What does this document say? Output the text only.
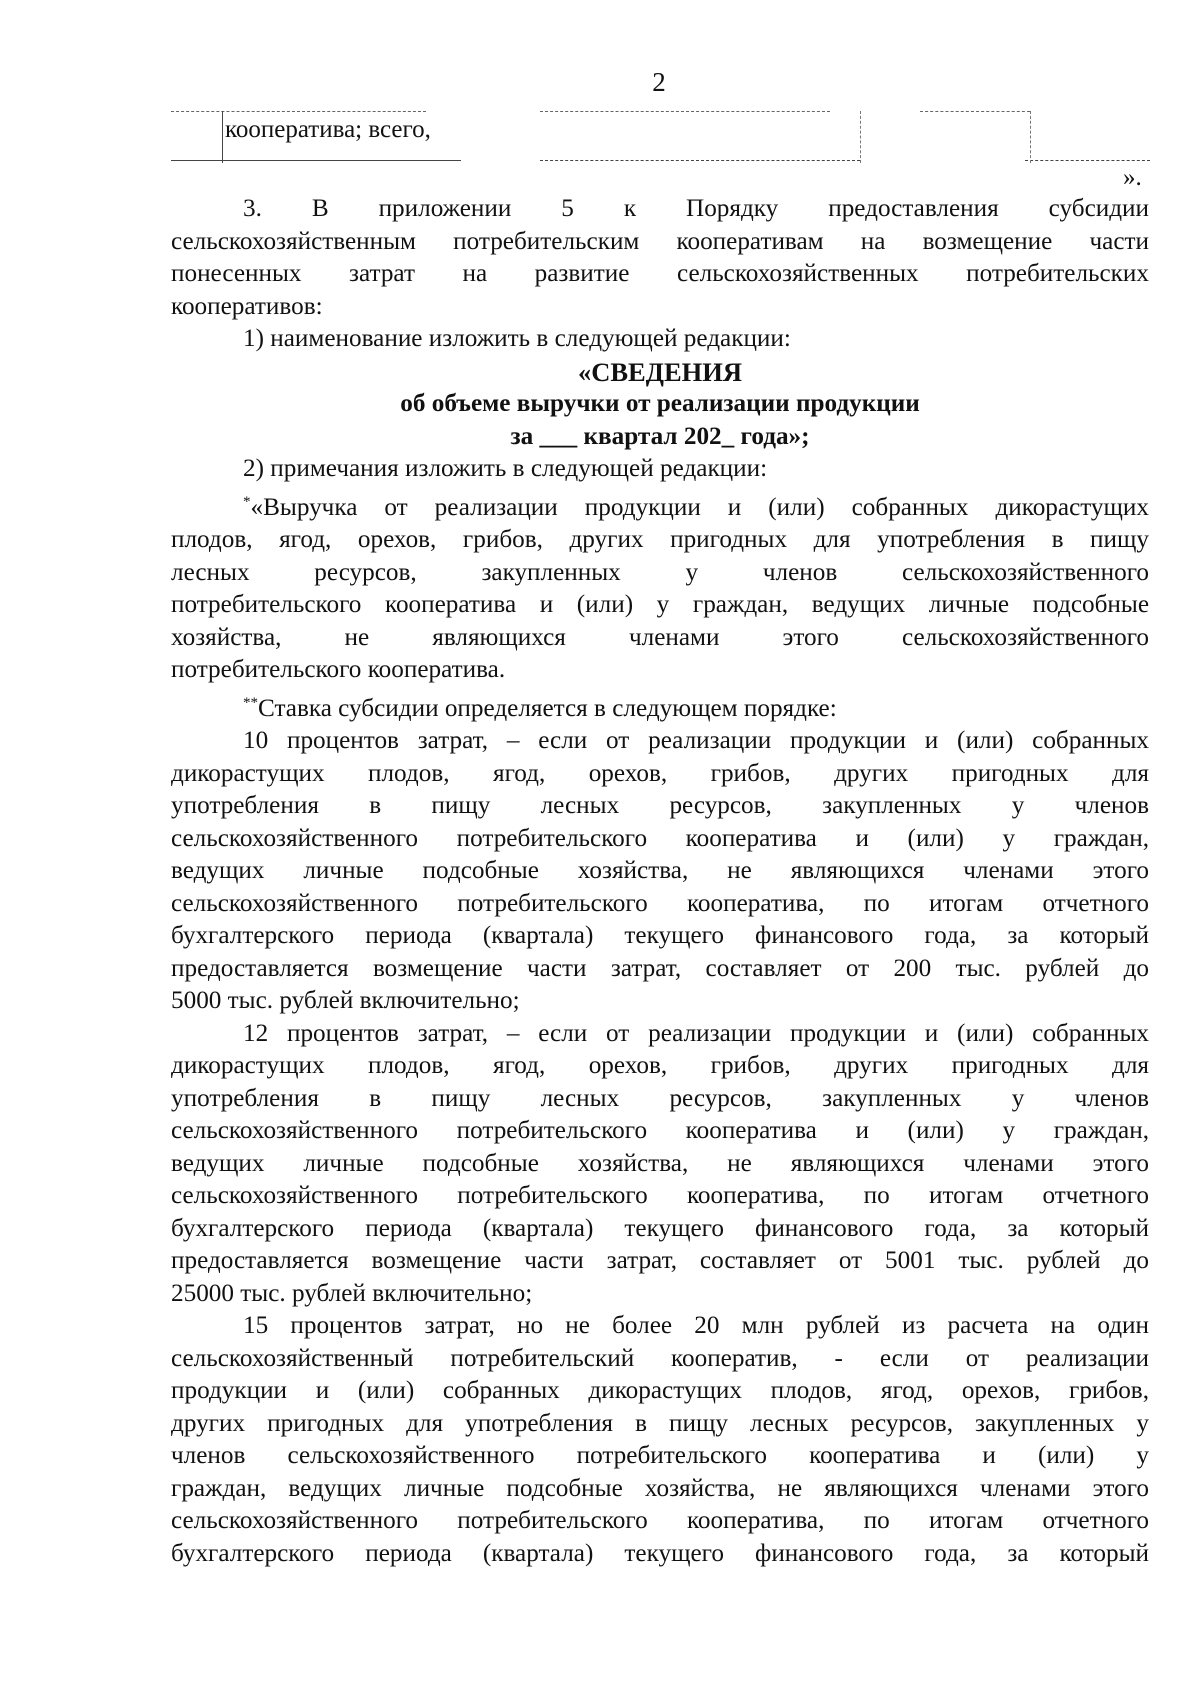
2
кооператива; всего,
».

3. В приложении 5 к Порядку предоставления субсидии

сельскохозяйственным потребительским кооперативам на возмещение части

понесенных затрат на развитие сельскохозяйственных потребительских

кооперативов:

1) наименование изложить в следующей редакции:

«СВЕДЕНИЯ

об объеме выручки от реализации продукции

за ___ квартал 202_ года»;

2) примечания изложить в следующей редакции:

*«Выручка от реализации продукции и (или) собранных дикорастущих

плодов, ягод, орехов, грибов, других пригодных для употребления в пищу

лесных ресурсов, закупленных у членов сельскохозяйственного

потребительского кооператива и (или) у граждан, ведущих личные подсобные

хозяйства, не являющихся членами этого сельскохозяйственного

потребительского кооператива.

**Ставка субсидии определяется в следующем порядке:

10 процентов затрат, – если от реализации продукции и (или) собранных

дикорастущих плодов, ягод, орехов, грибов, других пригодных для

употребления в пищу лесных ресурсов, закупленных у членов

сельскохозяйственного потребительского кооператива и (или) у граждан,

ведущих личные подсобные хозяйства, не являющихся членами этого

сельскохозяйственного потребительского кооператива, по итогам отчетного

бухгалтерского периода (квартала) текущего финансового года, за который

предоставляется возмещение части затрат, составляет от 200 тыс. рублей до

5000 тыс. рублей включительно;

12 процентов затрат, – если от реализации продукции и (или) собранных

дикорастущих плодов, ягод, орехов, грибов, других пригодных для

употребления в пищу лесных ресурсов, закупленных у членов

сельскохозяйственного потребительского кооператива и (или) у граждан,

ведущих личные подсобные хозяйства, не являющихся членами этого

сельскохозяйственного потребительского кооператива, по итогам отчетного

бухгалтерского периода (квартала) текущего финансового года, за который

предоставляется возмещение части затрат, составляет от 5001 тыс. рублей до

25000 тыс. рублей включительно;

15 процентов затрат, но не более 20 млн рублей из расчета на один

сельскохозяйственный потребительский кооператив, - если от реализации

продукции и (или) собранных дикорастущих плодов, ягод, орехов, грибов,

других пригодных для употребления в пищу лесных ресурсов, закупленных у

членов сельскохозяйственного потребительского кооператива и (или) у

граждан, ведущих личные подсобные хозяйства, не являющихся членами этого

сельскохозяйственного потребительского кооператива, по итогам отчетного

бухгалтерского периода (квартала) текущего финансового года, за который
